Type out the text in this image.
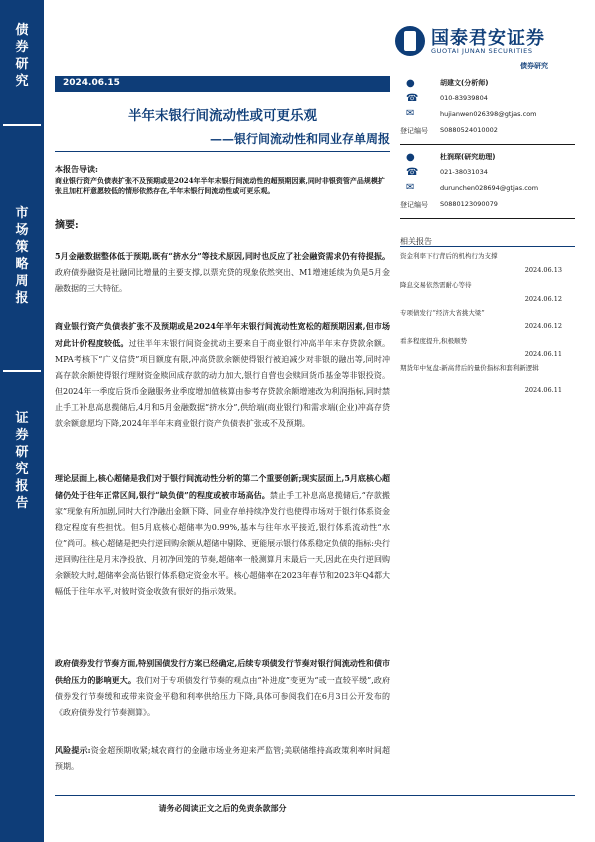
债
券
研
究
市
场
策
略
周
报
证
券
研
究
报
告
国泰君安证券
GUOTAI JUNAN SECURITIES
债券研究
2024.06.15
半年末银行间流动性或可更乐观
——银行间流动性和同业存单周报
本报告导读:
商业银行资产负债表扩张不及预期或是2024年半年末银行间流动性的超预期因素,同时非银资管产品规模扩张且加杠杆意愿较低的情形依然存在,半年末银行间流动性或可更乐观。
摘要:
5月金融数据整体低于预期,既有“挤水分”等技术原因,同时也反应了社会融资需求仍有待提振。政府债券融资是社融同比增量的主要支撑,以票充贷的现象依然突出、M1增速延续为负是5月金融数据的三大特征。
商业银行资产负债表扩张不及预期或是2024年半年末银行间流动性宽松的超预期因素,但市场对此计价程度较低。过往半年末银行间资金扰动主要来自于商业银行冲高半年末存贷款余额。MPA考核下“广义信贷”项目额度有限,冲高贷款余额使得银行被迫减少对非银的融出等,同时冲高存款余额使得银行理财资金赎回成存款的动力加大,银行自营也会赎回货币基金等非银投资。但2024年一季度后货币金融服务业季度增加值核算由参考存贷款余额增速改为利润指标,同时禁止手工补息高息揽储后,4月和5月金融数据“挤水分”,供给端(商业银行)和需求端(企业)冲高存贷款余额意愿均下降,2024年半年末商业银行资产负债表扩张或不及预期。
理论层面上,核心超储是我们对于银行间流动性分析的第二个重要创新;现实层面上,5月底核心超储仍处于往年正常区间,银行“缺负债”的程度或被市场高估。禁止手工补息高息揽储后,“存款搬家”现象有所加剧,同时大行净融出金额下降、同业存单持续净发行也使得市场对于银行体系资金稳定程度有些担忧。但5月底核心超储率为0.99%,基本与往年水平接近,银行体系流动性“水位”尚可。核心超储是把央行逆回购余额从超储中剔除、更能展示银行体系稳定负债的指标:央行逆回购往往是月末净投放、月初净回笼的节奏,超储率一般测算月末最后一天,因此在央行逆回购余额较大时,超储率会高估银行体系稳定资金水平。核心超储率在2023年春节和2023年Q4都大幅低于往年水平,对彼时资金收敛有很好的指示效果。
政府债券发行节奏方面,特别国债发行方案已经确定,后续专项债发行节奏对银行间流动性和债市供给压力的影响更大。我们对于专项债发行节奏的观点由“补进度”变更为“或一直较平缓”,政府债券发行节奏缓和或带来资金平稳和利率供给压力下降,具体可参阅我们在6月3日公开发布的《政府债券发行节奏测算》。
风险提示:资金超预期收紧;城农商行的金融市场业务迎来严监管;美联储维持高政策利率时间超预期。
●	胡建文(分析师)
☎	010-83939804
✉	hujianwen026398@gtjas.com
登记编号 S0880524010002
●	杜润琛(研究助理)
☎	021-38031034
✉	durunchen028694@gtjas.com
登记编号 S0880123090079
相关报告
资金利率下行背后的机构行为支撑
2024.06.13
降息交易依然需耐心等待
2024.06.12
专项债发行“经济大省挑大梁”
2024.06.12
看多程度提升,积极顺势
2024.06.11
期货年中复盘:新高背后的量价指标和套利新逻辑
2024.06.11
请务必阅读正文之后的免责条款部分
